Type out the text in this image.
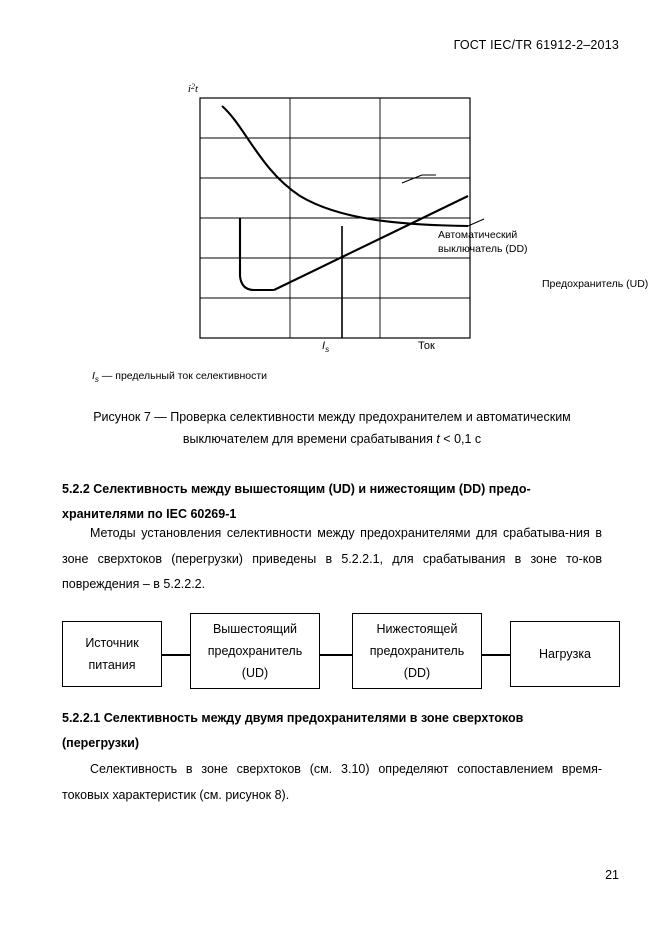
ГОСТ IEC/TR 61912-2–2013
$i^2t$
Автоматический
выключатель (DD)
Предохранитель (UD)
$I_s$	Ток
$I_s$ — предельный ток селективности
Рисунок 7 — Проверка селективности между предохранителем и автоматическим
выключателем для времени срабатывания t < 0,1 с
5.2.2 Селективность между вышестоящим (UD) и нижестоящим (DD) предо-
хранителями по IEC 60269-1
Методы установления селективности между предохранителями для срабатыва-ния в зоне сверхтоков (перегрузки) приведены в 5.2.2.1, для срабатывания в зоне то-ков повреждения – в 5.2.2.2.
Источник
питания
Вышестоящий
предохранитель
(UD)
Нижестоящей
предохранитель
(DD)
Нагрузка
5.2.2.1 Селективность между двумя предохранителями в зоне сверхтоков
(перегрузки)
Селективность в зоне сверхтоков (см. 3.10) определяют сопоставлением время-токовых характеристик (см. рисунок 8).
21
